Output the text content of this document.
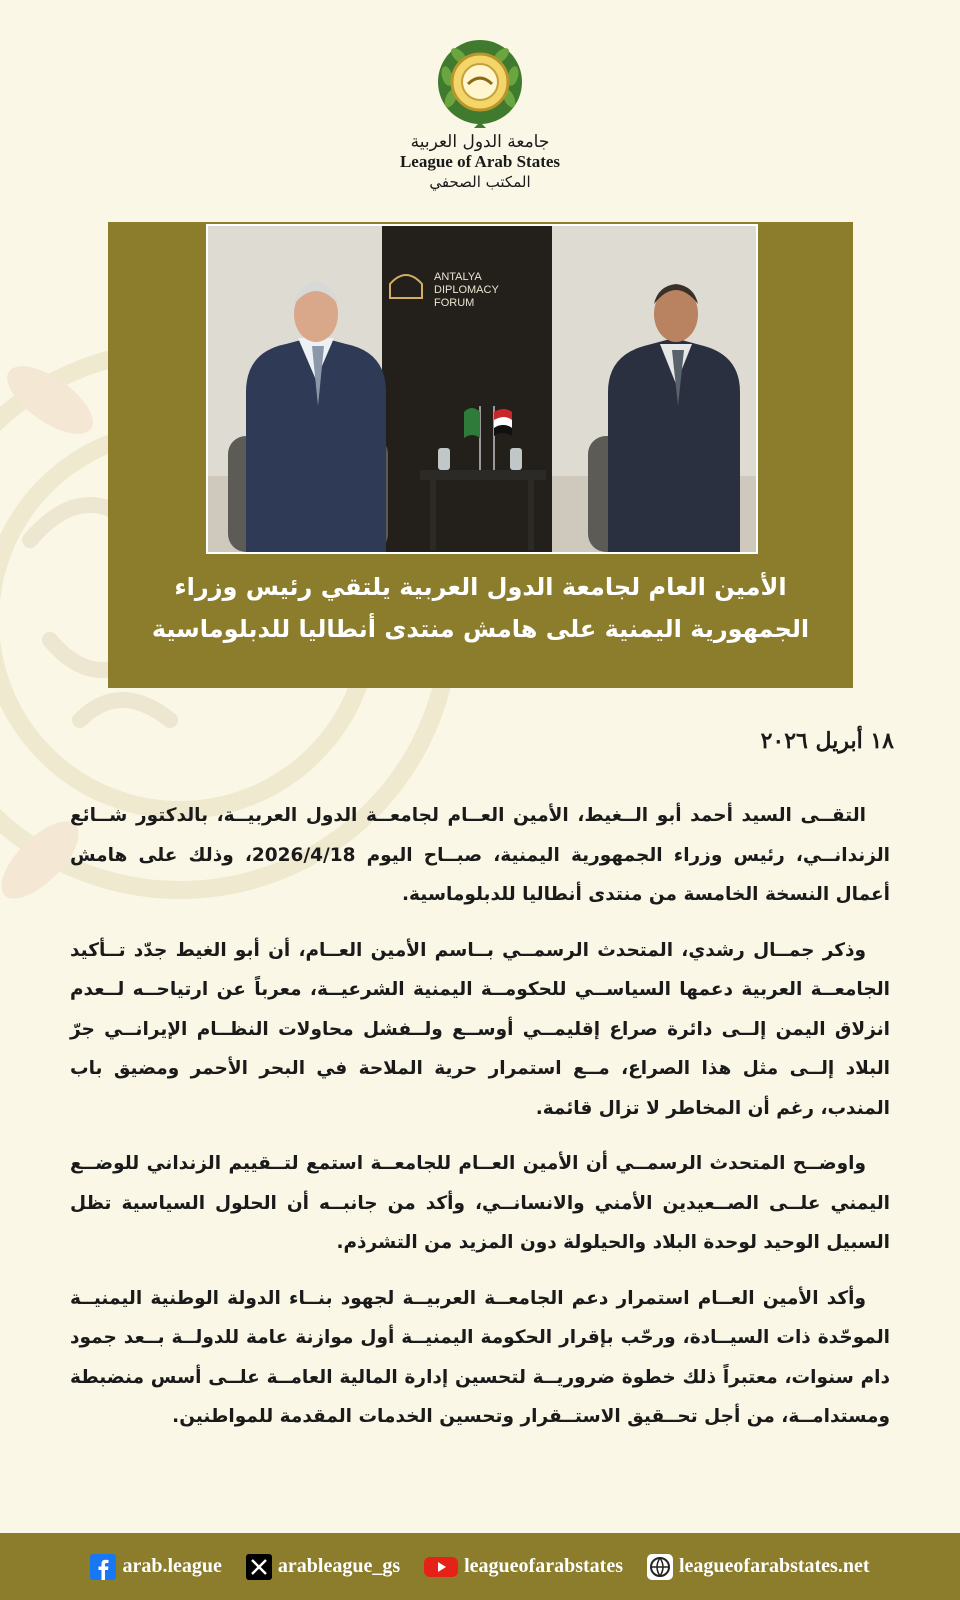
جامعة الدول العربية
League of Arab States
المكتب الصحفي
ANTALYA
DIPLOMACY
FORUM
الأمين العام لجامعة الدول العربية يلتقي رئيس وزراء
الجمهورية اليمنية على هامش منتدى أنطاليا للدبلوماسية
١٨ أبريل ٢٠٢٦

التقــى السيد أحمد أبو الــغيط، الأمين العــام لجامعــة الدول العربيــة، بالدكتور شــائع الزندانــي، رئيس وزراء الجمهورية اليمنية، صبــاح اليوم 2026/4/18، وذلك على هامش أعمال النسخة الخامسة من منتدى أنطاليا للدبلوماسية.

وذكر جمــال رشدي، المتحدث الرسمــي بــاسم الأمين العــام، أن أبو الغيط جدّد تــأكيد الجامعــة العربية دعمها السياســي للحكومــة اليمنية الشرعيــة، معرباً عن ارتياحــه لــعدم انزلاق اليمن إلــى دائرة صراع إقليمــي أوســع ولــفشل محاولات النظــام الإيرانــي جرّ البلاد إلــى مثل هذا الصراع، مــع استمرار حرية الملاحة في البحر الأحمر ومضيق باب المندب، رغم أن المخاطر لا تزال قائمة.

واوضــح المتحدث الرسمــي أن الأمين العــام للجامعــة استمع لتــقييم الزنداني للوضــع اليمني علــى الصــعيدين الأمني والانسانــي، وأكد من جانبــه أن الحلول السياسية تظل السبيل الوحيد لوحدة البلاد والحيلولة دون المزيد من التشرذم.

وأكد الأمين العــام استمرار دعم الجامعــة العربيــة لجهود بنــاء الدولة الوطنية اليمنيــة الموحّدة ذات السيــادة، ورحّب بإقرار الحكومة اليمنيــة أول موازنة عامة للدولــة بــعد جمود دام سنوات، معتبراً ذلك خطوة ضروريــة لتحسين إدارة المالية العامــة علــى أسس منضبطة ومستدامــة، من أجل تحــقيق الاستــقرار وتحسين الخدمات المقدمة للمواطنين.

arab.league	arableague_gs	leagueofarabstates	leagueofarabstates.net
